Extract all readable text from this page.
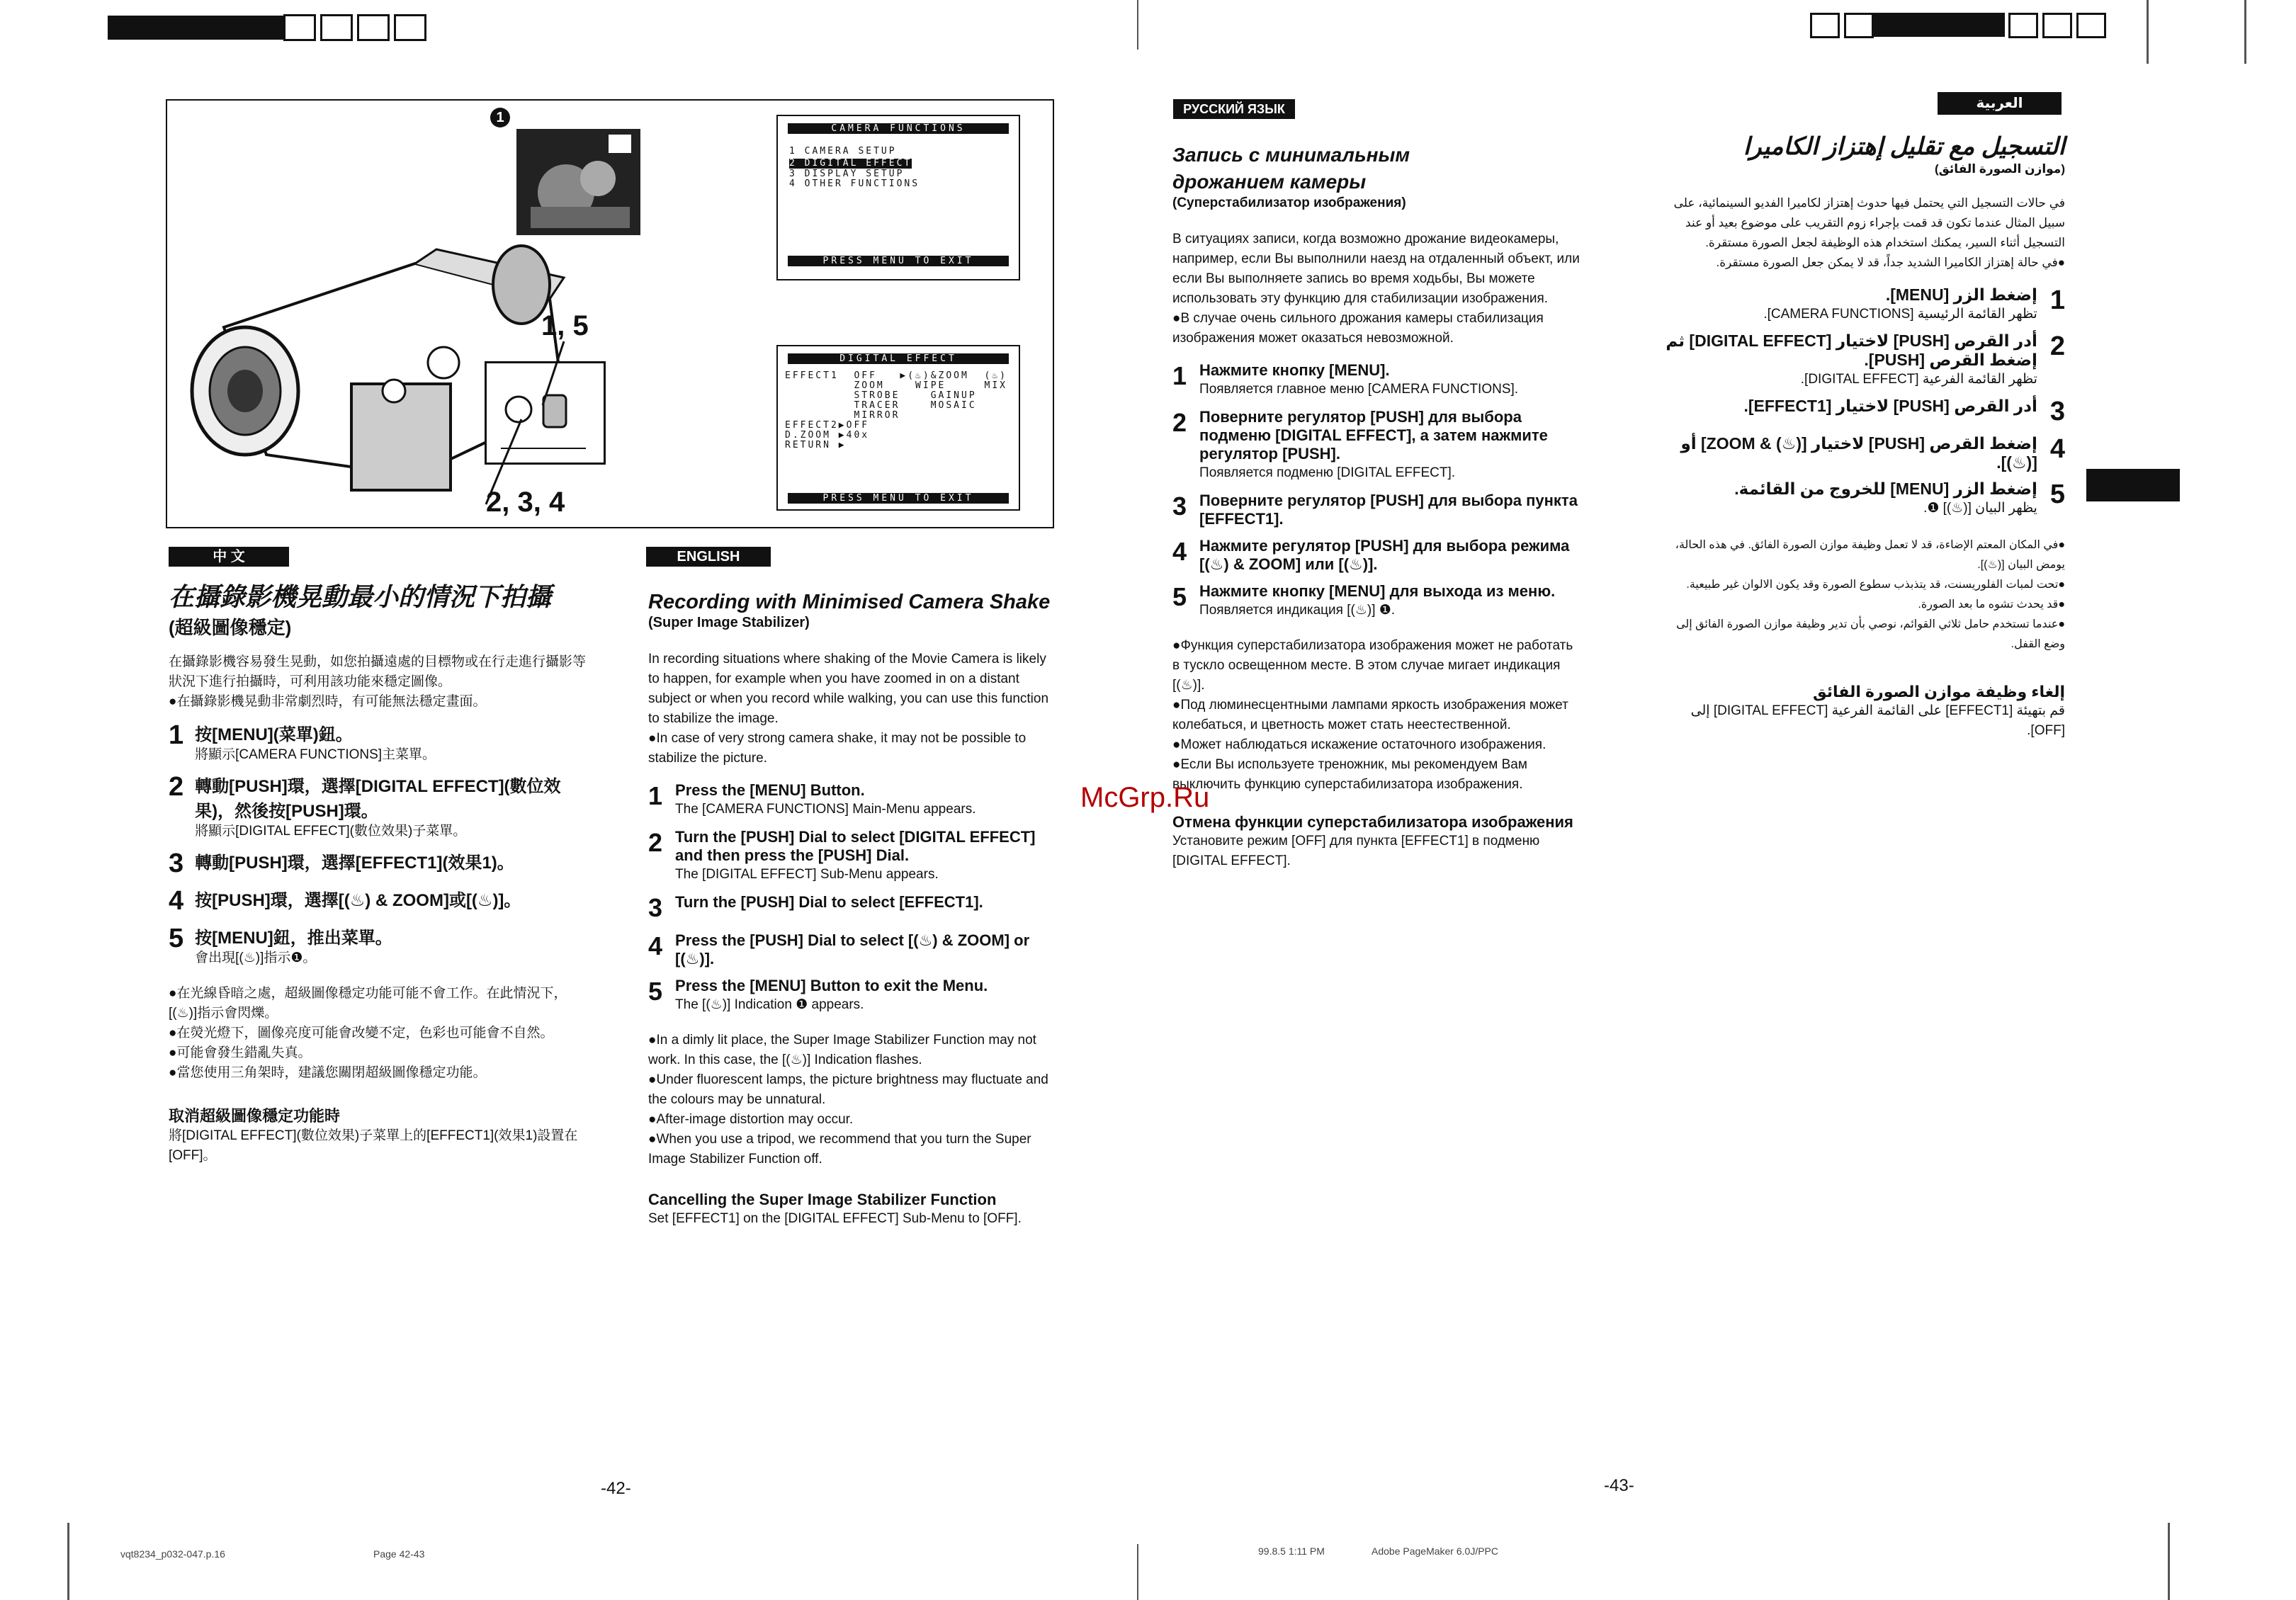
1
1, 5
2, 3, 4
CAMERA FUNCTIONS
1 CAMERA SETUP
2 DIGITAL EFFECT
3 DISPLAY SETUP
4 OTHER FUNCTIONS
PRESS MENU TO EXIT
DIGITAL EFFECT
EFFECT1  OFF   ▶(♨)&ZOOM  (♨)
ZOOM    WIPE     MIX
STROBE    GAINUP
TRACER    MOSAIC
MIRROR
EFFECT2▶OFF
D.ZOOM ▶40x
RETURN ▶
PRESS MENU TO EXIT
中 文
在攝錄影機晃動最小的情況下拍攝
(超級圖像穩定)
在攝錄影機容易發生晃動，如您拍攝遠處的目標物或在行走進行攝影等狀況下進行拍攝時，可利用該功能來穩定圖像。
●在攝錄影機晃動非常劇烈時，有可能無法穩定畫面。
1 按[MENU](菜單)鈕。
將顯示[CAMERA FUNCTIONS]主菜單。
2 轉動[PUSH]環，選擇[DIGITAL EFFECT](數位效果)，然後按[PUSH]環。
將顯示[DIGITAL EFFECT](數位效果)子菜單。
3 轉動[PUSH]環，選擇[EFFECT1](效果1)。
4 按[PUSH]環，選擇[(♨) & ZOOM]或[(♨)]。
5 按[MENU]鈕，推出菜單。
會出現[(♨)]指示❶。
●在光線昏暗之處，超級圖像穩定功能可能不會工作。在此情況下，[(♨)]指示會閃爍。
●在熒光燈下，圖像亮度可能會改變不定，色彩也可能會不自然。
●可能會發生錯亂失真。
●當您使用三角架時，建議您關閉超級圖像穩定功能。
取消超級圖像穩定功能時
將[DIGITAL EFFECT](數位效果)子菜單上的[EFFECT1](效果1)設置在[OFF]。
ENGLISH
Recording with Minimised Camera Shake
(Super Image Stabilizer)
In recording situations where shaking of the Movie Camera is likely to happen, for example when you have zoomed in on a distant subject or when you record while walking, you can use this function to stabilize the image.
●In case of very strong camera shake, it may not be possible to stabilize the picture.
1 Press the [MENU] Button.
The [CAMERA FUNCTIONS] Main-Menu appears.
2 Turn the [PUSH] Dial to select [DIGITAL EFFECT] and then press the [PUSH] Dial.
The [DIGITAL EFFECT] Sub-Menu appears.
3 Turn the [PUSH] Dial to select [EFFECT1].
4 Press the [PUSH] Dial to select [(♨) & ZOOM] or [(♨)].
5 Press the [MENU] Button to exit the Menu.
The [(♨)] Indication ❶ appears.
●In a dimly lit place, the Super Image Stabilizer Function may not work. In this case, the [(♨)] Indication flashes.
●Under fluorescent lamps, the picture brightness may fluctuate and the colours may be unnatural.
●After-image distortion may occur.
●When you use a tripod, we recommend that you turn the Super Image Stabilizer Function off.
Cancelling the Super Image Stabilizer Function
Set [EFFECT1] on the [DIGITAL EFFECT] Sub-Menu to [OFF].
РУССКИЙ ЯЗЫК
Запись с минимальным дрожанием камеры
(Суперстабилизатор изображения)
В ситуациях записи, когда возможно дрожание видеокамеры, например, если Вы выполнили наезд на отдаленный объект, или если Вы выполняете запись во время ходьбы, Вы можете использовать эту функцию для стабилизации изображения.
●В случае очень сильного дрожания камеры стабилизация изображения может оказаться невозможной.
1 Нажмите кнопку [MENU].
Появляется главное меню [CAMERA FUNCTIONS].
2 Поверните регулятор [PUSH] для выбора подменю [DIGITAL EFFECT], а затем нажмите регулятор [PUSH].
Появляется подменю [DIGITAL EFFECT].
3 Поверните регулятор [PUSH] для выбора пункта [EFFECT1].
4 Нажмите регулятор [PUSH] для выбора режима [(♨) & ZOOM] или [(♨)].
5 Нажмите кнопку [MENU] для выхода из меню.
Появляется индикация [(♨)] ❶.
●Функция суперстабилизатора изображения может не работать в тускло освещенном месте. В этом случае мигает индикация [(♨)].
●Под люминесцентными лампами яркость изображения может колебаться, и цветность может стать неестественной.
●Может наблюдаться искажение остаточного изображения.
●Если Вы используете треножник, мы рекомендуем Вам выключить функцию суперстабилизатора изображения.
Отмена функции суперстабилизатора изображения
Установите режим [OFF] для пункта [EFFECT1] в подменю [DIGITAL EFFECT].
العربية
التسجيل مع تقليل إهتزاز الكاميرا
(موازن الصورة الفائق)
في حالات التسجيل التي يحتمل فيها حدوث إهتزاز لكاميرا الفديو السينمائية، على سبيل المثال عندما تكون قد قمت بإجراء زوم التقريب على موضوع بعيد أو عند التسجيل أثناء السير، يمكنك استخدام هذه الوظيفة لجعل الصورة مستقرة.
●في حالة إهتزاز الكاميرا الشديد جداً، قد لا يمكن جعل الصورة مستقرة.
1
إضغط الزر [MENU].
تظهر القائمة الرئيسية [CAMERA FUNCTIONS].
2
أدر القرص [PUSH] لاختيار [DIGITAL EFFECT] ثم إضغط القرص [PUSH].
تظهر القائمة الفرعية [DIGITAL EFFECT].
3
أدر القرص [PUSH] لاختيار [EFFECT1].
4
إضغط القرص [PUSH] لاختيار [(♨) & ZOOM] أو [(♨)].
5
إضغط الزر [MENU] للخروج من القائمة.
يظهر البيان [(♨)] ❶.
●في المكان المعتم الإضاءة، قد لا تعمل وظيفة موازن الصورة الفائق. في هذه الحالة، يومض البيان [(♨)].
●تحت لمبات الفلوريسنت، قد يتذبذب سطوع الصورة وقد يكون الالوان غير طبيعية.
●قد يحدث تشوه ما بعد الصورة.
●عندما تستخدم حامل ثلاثي القوائم، نوصي بأن تدير وظيفة موازن الصورة الفائق إلى وضع القفل.
إلغاء وظيفة موازن الصورة الفائق
قم بتهيئة [EFFECT1] على القائمة الفرعية [DIGITAL EFFECT] إلى [OFF].
McGrp.Ru
-42-	-43-
vqt8234_p032-047.p.16	Page 42-43	99.8.5 1:11 PM	Adobe PageMaker 6.0J/PPC
